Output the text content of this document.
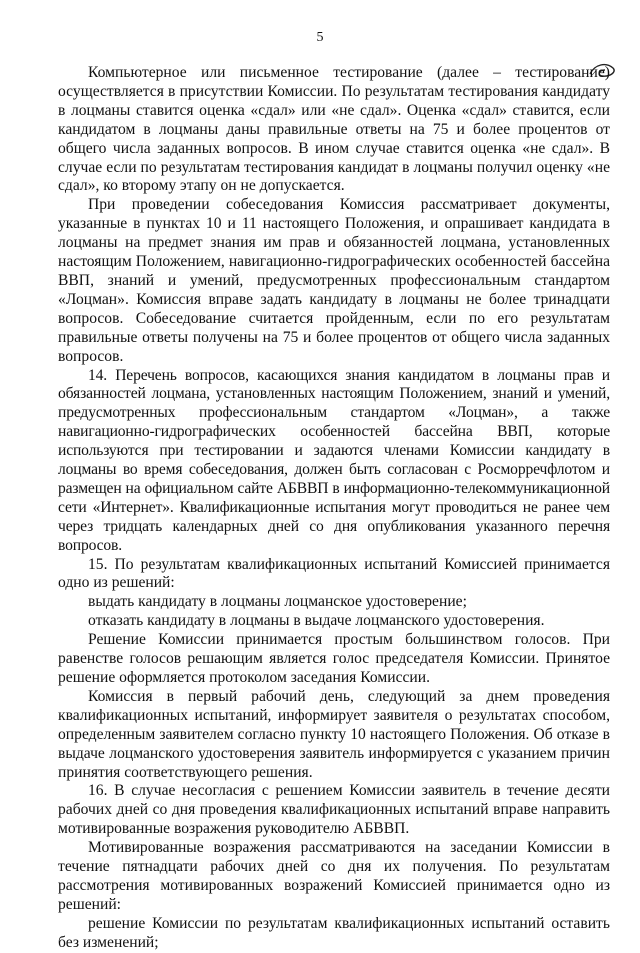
5

Компьютерное или письменное тестирование (далее – тестирование) осуществляется в присутствии Комиссии. По результатам тестирования кандидату в лоцманы ставится оценка «сдал» или «не сдал». Оценка «сдал» ставится, если кандидатом в лоцманы даны правильные ответы на 75 и более процентов от общего числа заданных вопросов. В ином случае ставится оценка «не сдал». В случае если по результатам тестирования кандидат в лоцманы получил оценку «не сдал», ко второму этапу он не допускается.

При проведении собеседования Комиссия рассматривает документы, указанные в пунктах 10 и 11 настоящего Положения, и опрашивает кандидата в лоцманы на предмет знания им прав и обязанностей лоцмана, установленных настоящим Положением, навигационно-гидрографических особенностей бассейна ВВП, знаний и умений, предусмотренных профессиональным стандартом «Лоцман». Комиссия вправе задать кандидату в лоцманы не более тринадцати вопросов. Собеседование считается пройденным, если по его результатам правильные ответы получены на 75 и более процентов от общего числа заданных вопросов.

14. Перечень вопросов, касающихся знания кандидатом в лоцманы прав и обязанностей лоцмана, установленных настоящим Положением, знаний и умений, предусмотренных профессиональным стандартом «Лоцман», а также навигационно-гидрографических особенностей бассейна ВВП, которые используются при тестировании и задаются членами Комиссии кандидату в лоцманы во время собеседования, должен быть согласован с Росморречфлотом и размещен на официальном сайте АБВВП в информационно-телекоммуникационной сети «Интернет». Квалификационные испытания могут проводиться не ранее чем через тридцать календарных дней со дня опубликования указанного перечня вопросов.

15. По результатам квалификационных испытаний Комиссией принимается одно из решений:

выдать кандидату в лоцманы лоцманское удостоверение;

отказать кандидату в лоцманы в выдаче лоцманского удостоверения.

Решение Комиссии принимается простым большинством голосов. При равенстве голосов решающим является голос председателя Комиссии. Принятое решение оформляется протоколом заседания Комиссии.

Комиссия в первый рабочий день, следующий за днем проведения квалификационных испытаний, информирует заявителя о результатах способом, определенным заявителем согласно пункту 10 настоящего Положения. Об отказе в выдаче лоцманского удостоверения заявитель информируется с указанием причин принятия соответствующего решения.

16. В случае несогласия с решением Комиссии заявитель в течение десяти рабочих дней со дня проведения квалификационных испытаний вправе направить мотивированные возражения руководителю АБВВП.

Мотивированные возражения рассматриваются на заседании Комиссии в течение пятнадцати рабочих дней со дня их получения. По результатам рассмотрения мотивированных возражений Комиссией принимается одно из решений:

решение Комиссии по результатам квалификационных испытаний оставить без изменений;
